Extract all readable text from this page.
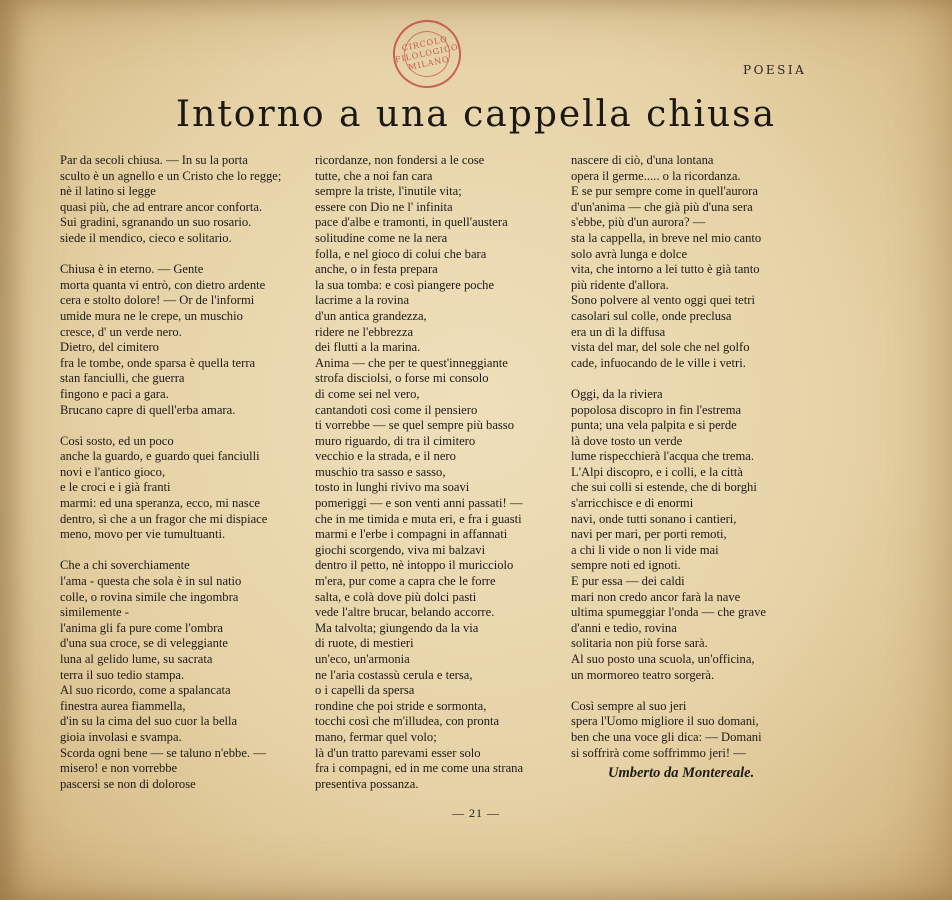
CIRCOLO FILOLOGICO MILANO	POESIA
Intorno a una cappella chiusa
Par da secoli chiusa. — In su la porta
sculto è un agnello e un Cristo che lo regge;
nè il latino si legge
quasi più, che ad entrare ancor conforta.
Sui gradini, sgranando un suo rosario.
siede il mendico, cieco e solitario.
Chiusa è in eterno. — Gente
morta quanta vi entrò, con dietro ardente
cera e stolto dolore! — Or de l'informi
umide mura ne le crepe, un muschio
cresce, d' un verde nero.
Dietro, del cimitero
fra le tombe, onde sparsa è quella terra
stan fanciulli, che guerra
fingono e paci a gara.
Brucano capre di quell'erba amara.
Così sosto, ed un poco
anche la guardo, e guardo quei fanciulli
novi e l'antico gioco,
e le croci e i già franti
marmi: ed una speranza, ecco, mi nasce
dentro, sì che a un fragor che mi dispiace
meno, movo per vie tumultuanti.
Che a chi soverchiamente
l'ama - questa che sola è in sul natio
colle, o rovina simile che ingombra
similemente -
l'anima gli fa pure come l'ombra
d'una sua croce, se di veleggiante
luna al gelido lume, su sacrata
terra il suo tedio stampa.
Al suo ricordo, come a spalancata
finestra aurea fiammella,
d'in su la cima del suo cuor la bella
gioia involasi e svampa.
Scorda ogni bene — se taluno n'ebbe. —
misero! e non vorrebbe
pascersi se non di dolorose
ricordanze, non fondersi a le cose
tutte, che a noi fan cara
sempre la triste, l'inutile vita;
essere con Dio ne l' infinita
pace d'albe e tramonti, in quell'austera
solitudine come ne la nera
folla, e nel gioco di colui che bara
anche, o in festa prepara
la sua tomba: e così piangere poche
lacrime a la rovina
d'un antica grandezza,
ridere ne l'ebbrezza
dei flutti a la marina.
Anima — che per te quest'inneggiante
strofa disciolsi, o forse mi consolo
di come sei nel vero,
cantandoti così come il pensiero
ti vorrebbe — se quel sempre più basso
muro riguardo, di tra il cimitero
vecchio e la strada, e il nero
muschio tra sasso e sasso,
tosto in lunghi rivivo ma soavi
pomeriggi — e son venti anni passati! —
che in me timida e muta eri, e fra i guasti
marmi e l'erbe i compagni in affannati
giochi scorgendo, viva mi balzavi
dentro il petto, nè intoppo il muricciolo
m'era, pur come a capra che le forre
salta, e colà dove più dolci pasti
vede l'altre brucar, belando accorre.
Ma talvolta; giungendo da la via
di ruote, di mestieri
un'eco, un'armonia
ne l'aria costassù cerula e tersa,
o i capelli da spersa
rondine che poi stride e sormonta,
tocchi così che m'illudea, con pronta
mano, fermar quel volo;
là d'un tratto parevami esser solo
fra i compagni, ed in me come una strana
presentiva possanza.
nascere di ciò, d'una lontana
opera il germe..... o la ricordanza.
E se pur sempre come in quell'aurora
d'un'anima — che già più d'una sera
s'ebbe, più d'un aurora? —
sta la cappella, in breve nel mio canto
solo avrà lunga e dolce
vita, che intorno a lei tutto è già tanto
più ridente d'allora.
Sono polvere al vento oggi quei tetri
casolari sul colle, onde preclusa
era un dì la diffusa
vista del mar, del sole che nel golfo
cade, infuocando de le ville i vetri.
Oggi, da la riviera
popolosa discopro in fin l'estrema
punta; una vela palpita e si perde
là dove tosto un verde
lume rispecchierà l'acqua che trema.
L'Alpi discopro, e i colli, e la città
che sui colli si estende, che di borghi
s'arricchisce e di enormi
navi, onde tutti sonano i cantieri,
navi per mari, per porti remoti,
a chi li vide o non li vide mai
sempre noti ed ignoti.
E pur essa — dei caldi
mari non credo ancor farà la nave
ultima spumeggiar l'onda — che grave
d'anni e tedio, rovina
solitaria non più forse sarà.
Al suo posto una scuola, un'officina,
un mormoreo teatro sorgerà.
Così sempre al suo jeri
spera l'Uomo migliore il suo domani,
ben che una voce gli dica: — Domani
si soffrirà come soffrimmo jeri! —
Umberto da Montereale.
— 21 —
